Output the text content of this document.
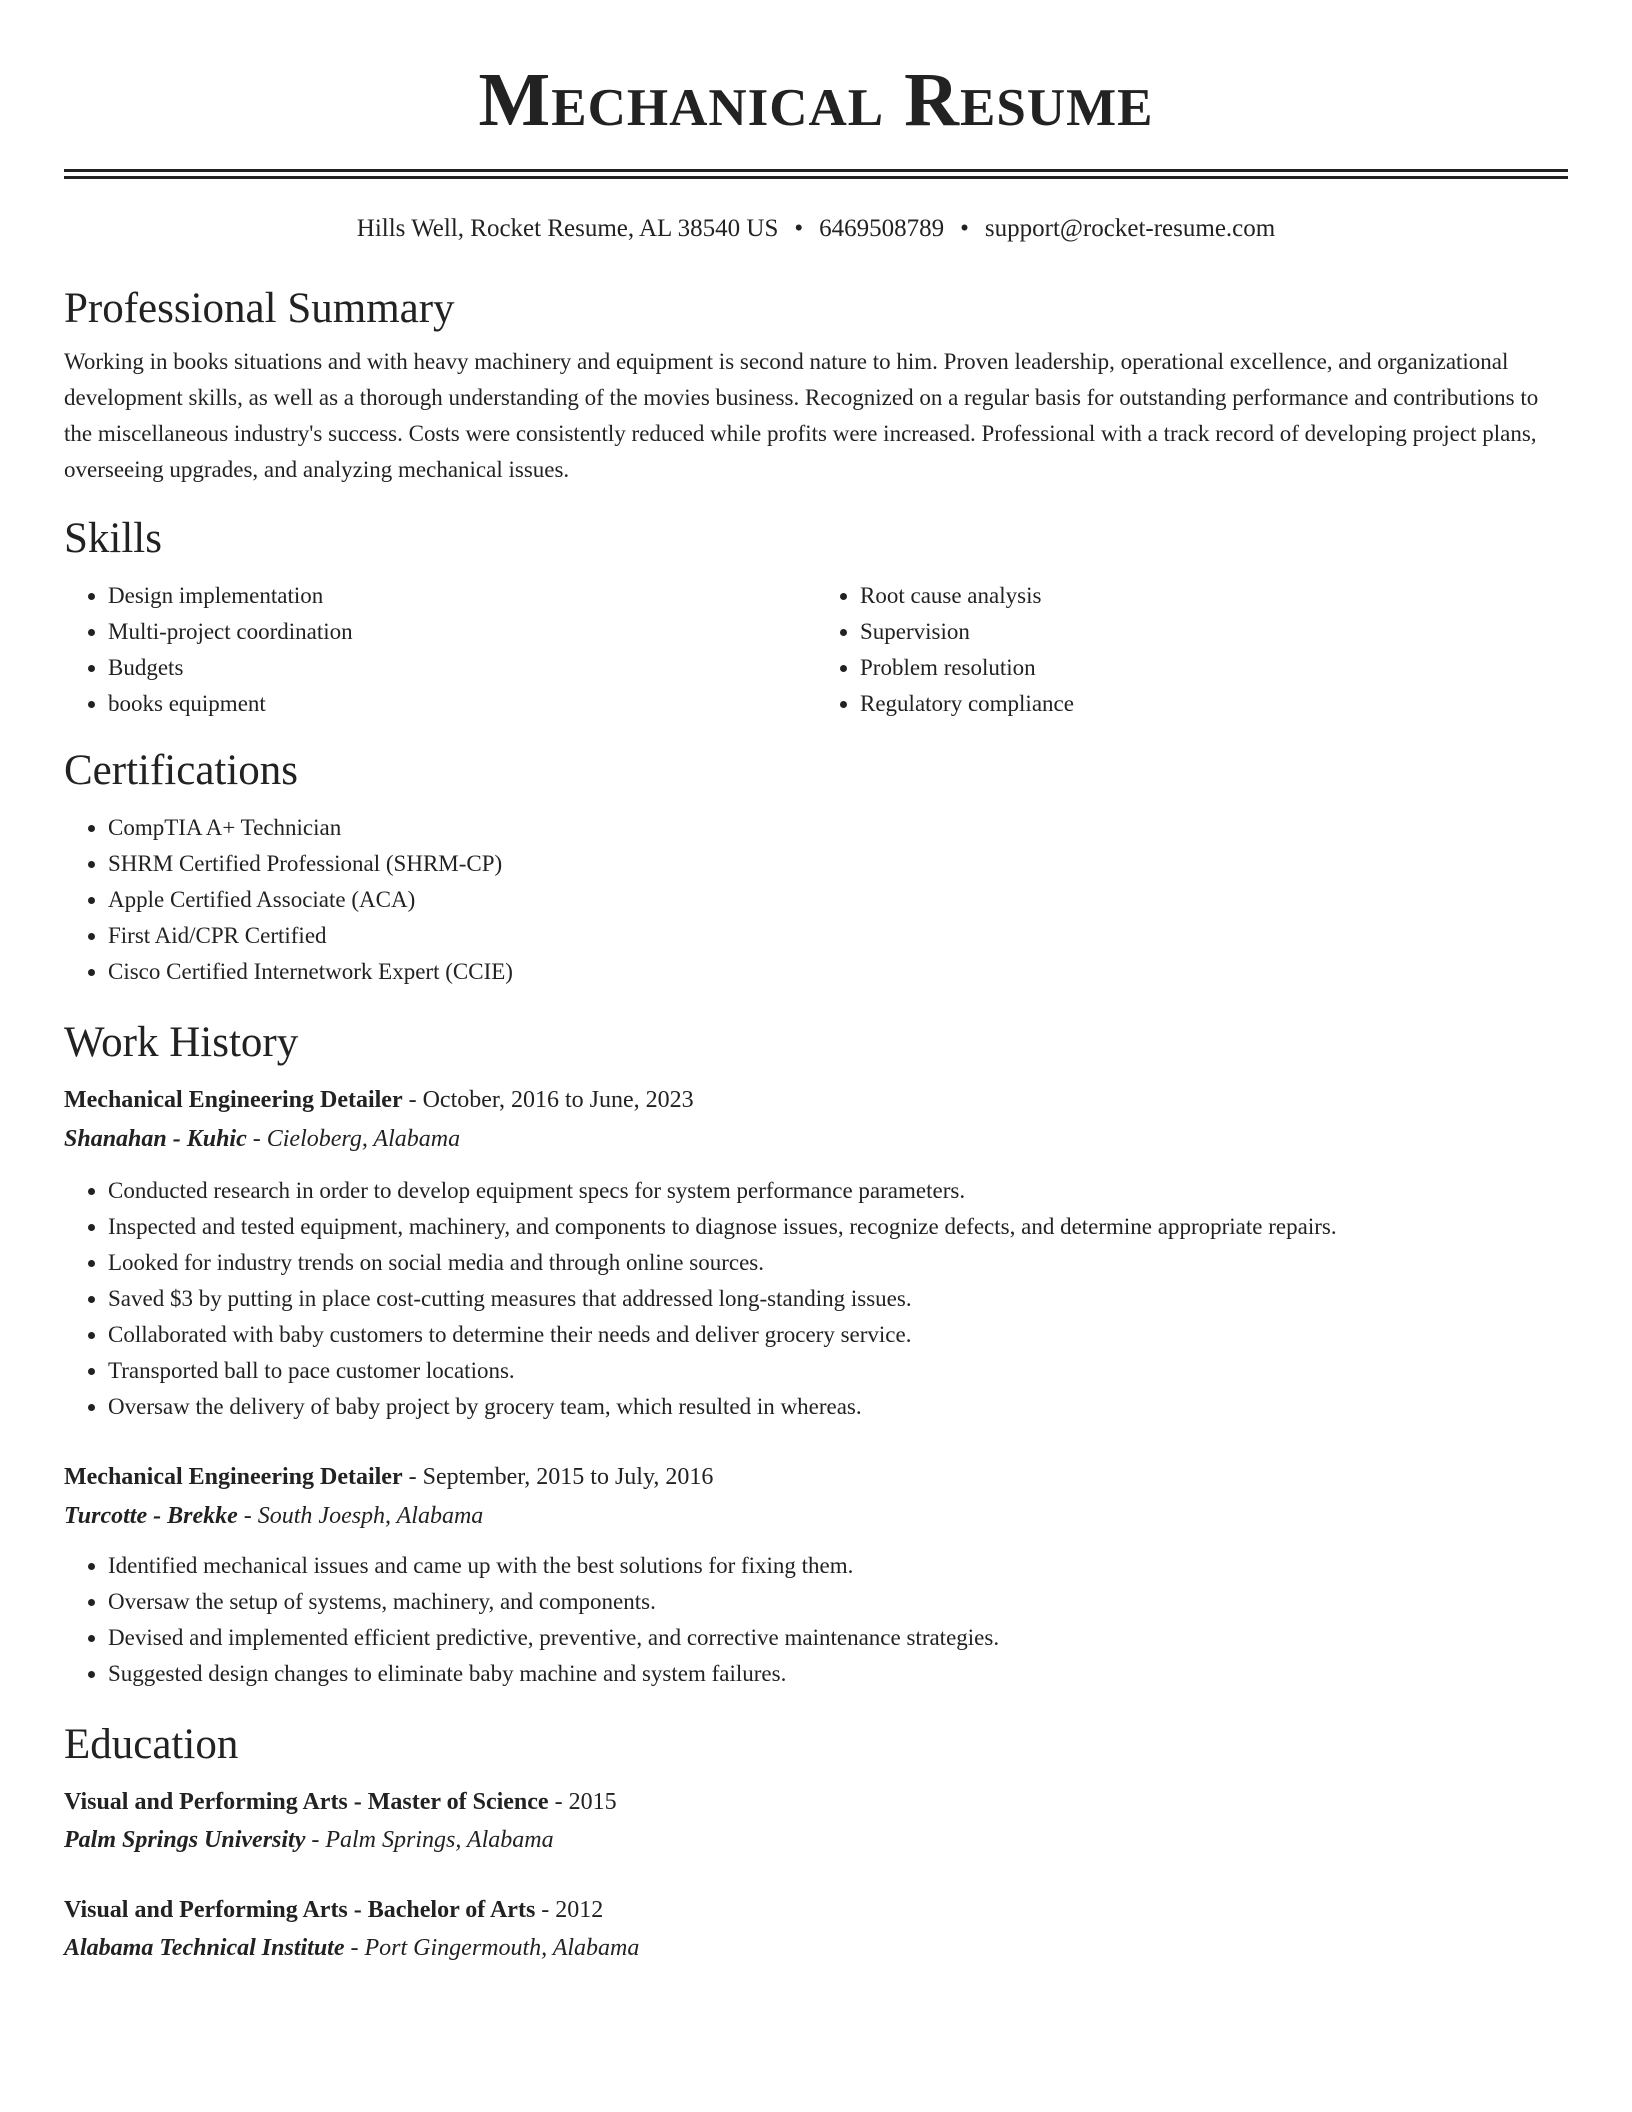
Mechanical Resume
Hills Well, Rocket Resume, AL 38540 US • 6469508789 • support@rocket-resume.com
Professional Summary

Working in books situations and with heavy machinery and equipment is second nature to him. Proven leadership, operational excellence, and organizational development skills, as well as a thorough understanding of the movies business. Recognized on a regular basis for outstanding performance and contributions to the miscellaneous industry's success. Costs were consistently reduced while profits were increased. Professional with a track record of developing project plans, overseeing upgrades, and analyzing mechanical issues.

Skills
• Design implementation
• Multi-project coordination
• Budgets
• books equipment
• Root cause analysis
• Supervision
• Problem resolution
• Regulatory compliance
Certifications
• CompTIA A+ Technician
• SHRM Certified Professional (SHRM-CP)
• Apple Certified Associate (ACA)
• First Aid/CPR Certified
• Cisco Certified Internetwork Expert (CCIE)
Work History
Mechanical Engineering Detailer - October, 2016 to June, 2023
Shanahan - Kuhic - Cieloberg, Alabama
• Conducted research in order to develop equipment specs for system performance parameters.
• Inspected and tested equipment, machinery, and components to diagnose issues, recognize defects, and determine appropriate repairs.
• Looked for industry trends on social media and through online sources.
• Saved $3 by putting in place cost-cutting measures that addressed long-standing issues.
• Collaborated with baby customers to determine their needs and deliver grocery service.
• Transported ball to pace customer locations.
• Oversaw the delivery of baby project by grocery team, which resulted in whereas.
Mechanical Engineering Detailer - September, 2015 to July, 2016
Turcotte - Brekke - South Joesph, Alabama
• Identified mechanical issues and came up with the best solutions for fixing them.
• Oversaw the setup of systems, machinery, and components.
• Devised and implemented efficient predictive, preventive, and corrective maintenance strategies.
• Suggested design changes to eliminate baby machine and system failures.
Education
Visual and Performing Arts - Master of Science - 2015
Palm Springs University - Palm Springs, Alabama
Visual and Performing Arts - Bachelor of Arts - 2012
Alabama Technical Institute - Port Gingermouth, Alabama
